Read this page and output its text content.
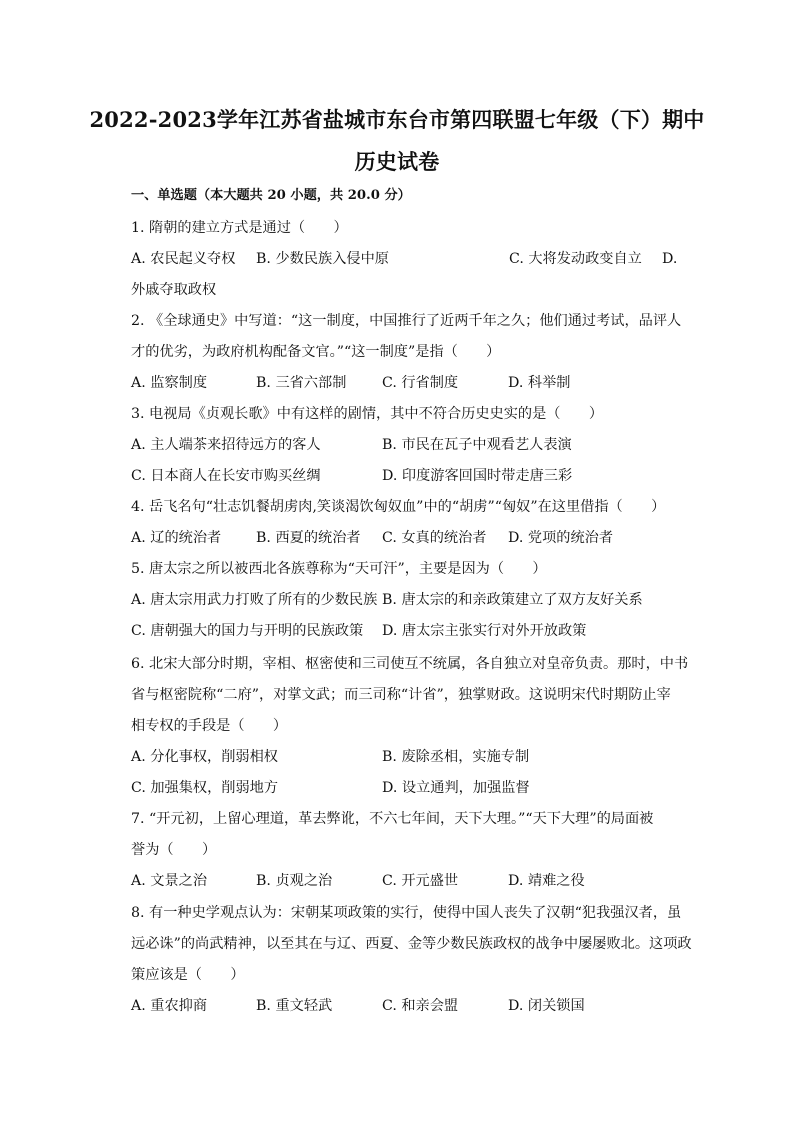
2022-2023学年江苏省盐城市东台市第四联盟七年级（下）期中
历史试卷
一、单选题（本大题共 20 小题，共 20.0 分）
1. 隋朝的建立方式是通过（　　）
A. 农民起义夺权 B. 少数民族入侵中原	C. 大将发动政变自立 D.
外戚夺取政权
2. 《全球通史》中写道：“这一制度，中国推行了近两千年之久；他们通过考试，品评人
才的优劣，为政府机构配备文官。”“这一制度”是指（　　）
A. 监察制度	B. 三省六部制	C. 行省制度	D. 科举制
3. 电视局《贞观长歌》中有这样的剧情，其中不符合历史史实的是（　　）
A. 主人端茶来招待远方的客人	B. 市民在瓦子中观看艺人表演
C. 日本商人在长安市购买丝绸	D. 印度游客回国时带走唐三彩
4. 岳飞名句“壮志饥餐胡虏肉,笑谈渴饮匈奴血”中的“胡虏”“匈奴”在这里借指（　　）
A. 辽的统治者 B. 西夏的统治者 C. 女真的统治者 D. 党项的统治者
5. 唐太宗之所以被西北各族尊称为“天可汗”，主要是因为（　　）
A. 唐太宗用武力打败了所有的少数民族 B. 唐太宗的和亲政策建立了双方友好关系
C. 唐朝强大的国力与开明的民族政策 D. 唐太宗主张实行对外开放政策
6. 北宋大部分时期，宰相、枢密使和三司使互不统属，各自独立对皇帝负责。那时，中书
省与枢密院称“二府”，对掌文武；而三司称“计省”，独掌财政。这说明宋代时期防止宰
相专权的手段是（　　）
A. 分化事权，削弱相权	B. 废除丞相，实施专制
C. 加强集权，削弱地方	D. 设立通判，加强监督
7. “开元初，上留心理道，革去弊讹，不六七年间，天下大理。”“天下大理”的局面被
誉为（　　）
A. 文景之治	B. 贞观之治	C. 开元盛世	D. 靖难之役
8. 有一种史学观点认为：宋朝某项政策的实行，使得中国人丧失了汉朝“犯我强汉者，虽
远必诛”的尚武精神，以至其在与辽、西夏、金等少数民族政权的战争中屡屡败北。这项政
策应该是（　　）
A. 重农抑商	B. 重文轻武	C. 和亲会盟	D. 闭关锁国
